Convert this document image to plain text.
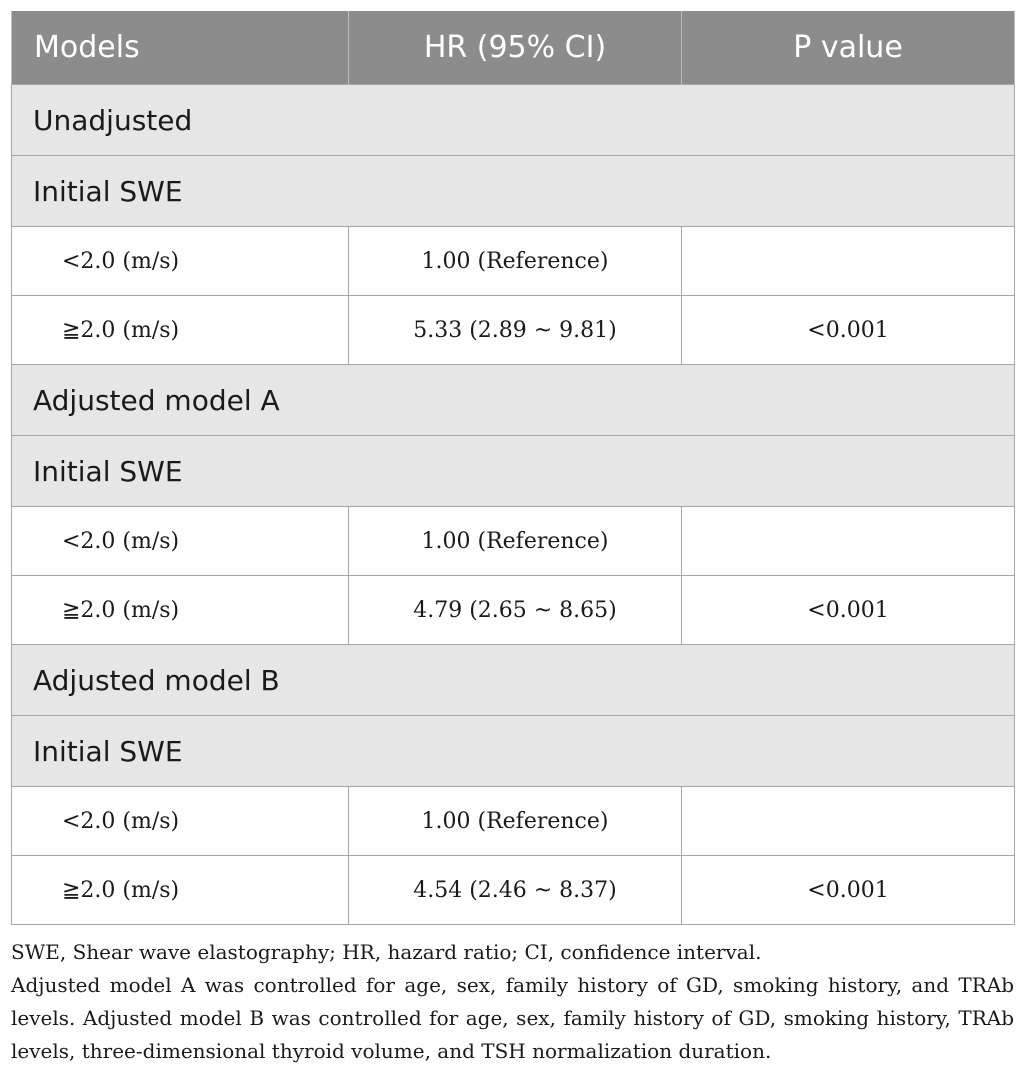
Models	HR (95% CI)	P value
Unadjusted		
Initial SWE		
<2.0 (m/s)	1.00 (Reference)	
≧2.0 (m/s)	5.33 (2.89 ~ 9.81)	<0.001
Adjusted model A		
Initial SWE		
<2.0 (m/s)	1.00 (Reference)	
≧2.0 (m/s)	4.79 (2.65 ~ 8.65)	<0.001
Adjusted model B		
Initial SWE		
<2.0 (m/s)	1.00 (Reference)	
≧2.0 (m/s)	4.54 (2.46 ~ 8.37)	<0.001

SWE, Shear wave elastography; HR, hazard ratio; CI, confidence interval.

Adjusted model A was controlled for age, sex, family history of GD, smoking history, and TRAb levels. Adjusted model B was controlled for age, sex, family history of GD, smoking history, TRAb levels, three-dimensional thyroid volume, and TSH normalization duration.
